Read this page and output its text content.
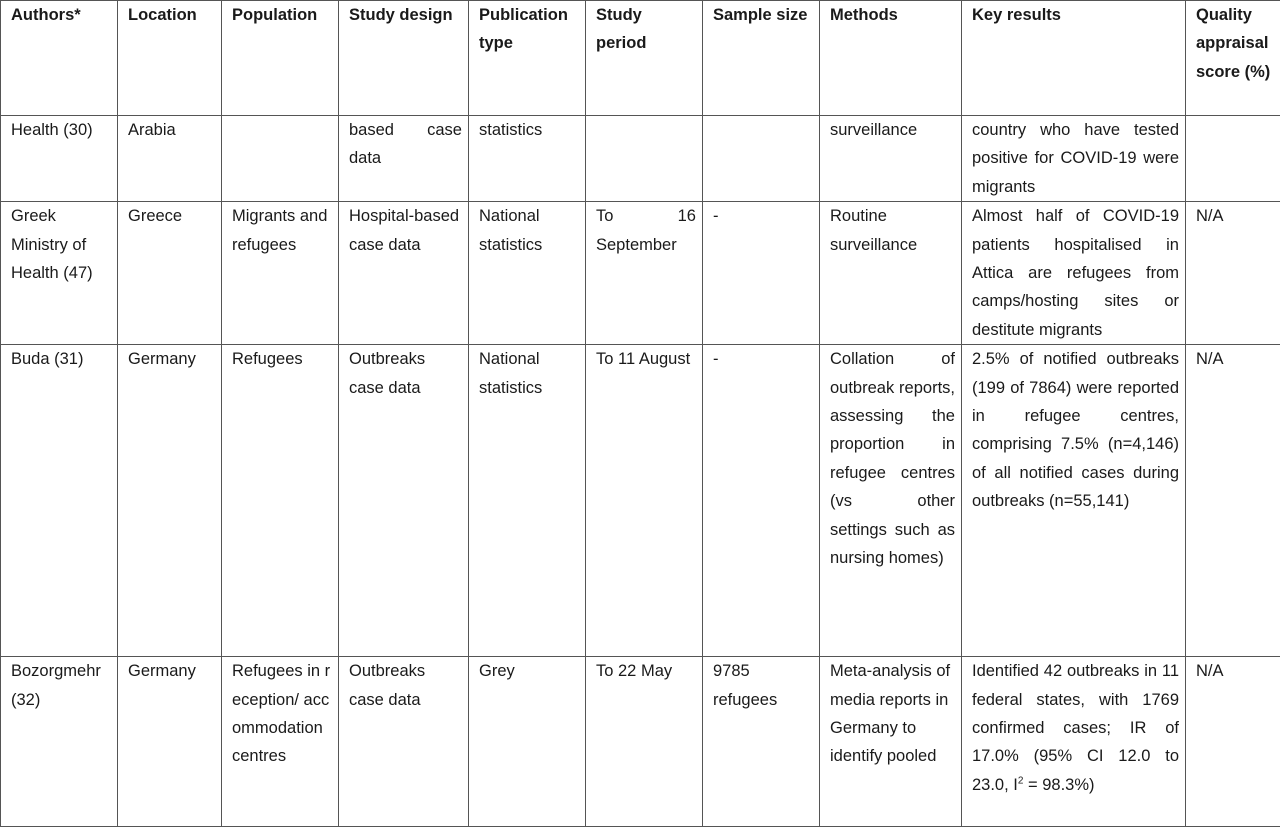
Authors*	Location	Population	Study design	Publication type	Study period	Sample size	Methods	Key results	Quality appraisal score (%)
Health (30)	Arabia		based case data	statistics			surveillance	country who have tested positive for COVID-19 were migrants	
Greek Ministry of Health (47)	Greece	Migrants and refugees	Hospital-based case data	National statistics	To 16 September	-	Routine surveillance	Almost half of COVID-19 patients hospitalised in Attica are refugees from camps/hosting sites or destitute migrants	N/A
Buda (31)	Germany	Refugees	Outbreaks case data	National statistics	To 11 August	-	Collation of outbreak reports, assessing the proportion in refugee centres (vs other settings such as nursing homes)	2.5% of notified outbreaks (199 of 7864) were reported in refugee centres, comprising 7.5% (n=4,146) of all notified cases during outbreaks (n=55,141)	N/A
Bozorgmehr (32)	Germany	Refugees in reception/ accommodation centres	Outbreaks case data	Grey	To 22 May	9785 refugees	Meta-analysis of media reports in Germany to identify pooled	Identified 42 outbreaks in 11 federal states, with 1769 confirmed cases; IR of 17.0% (95% CI 12.0 to 23.0, $I^2 = 98.3\%$)	N/A
